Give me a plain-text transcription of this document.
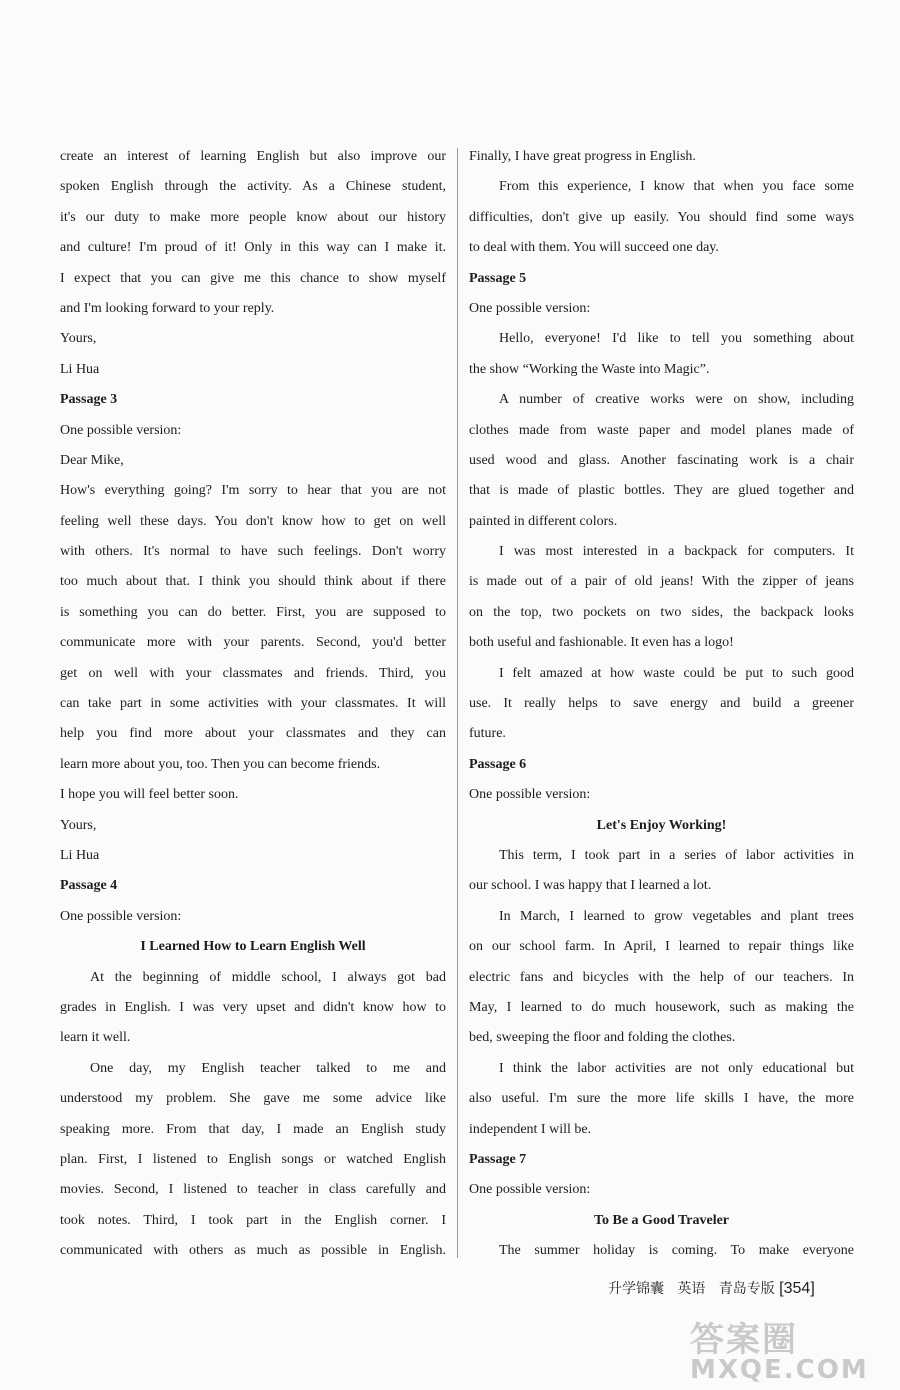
create an interest of learning English but also improve our
spoken English through the activity. As a Chinese student,
it's our duty to make more people know about our history
and culture! I'm proud of it! Only in this way can I make it.
I expect that you can give me this chance to show myself
and I'm looking forward to your reply.
Yours,
Li Hua
Passage 3
One possible version:
Dear Mike,
How's everything going? I'm sorry to hear that you are not
feeling well these days. You don't know how to get on well
with others. It's normal to have such feelings. Don't worry
too much about that. I think you should think about if there
is something you can do better. First, you are supposed to
communicate more with your parents. Second, you'd better
get on well with your classmates and friends. Third, you
can take part in some activities with your classmates. It will
help you find more about your classmates and they can
learn more about you, too. Then you can become friends.
I hope you will feel better soon.
Yours,
Li Hua
Passage 4
One possible version:
I Learned How to Learn English Well
At the beginning of middle school, I always got bad
grades in English. I was very upset and didn't know how to
learn it well.
One day, my English teacher talked to me and
understood my problem. She gave me some advice like
speaking more. From that day, I made an English study
plan. First, I listened to English songs or watched English
movies. Second, I listened to teacher in class carefully and
took notes. Third, I took part in the English corner. I
communicated with others as much as possible in English.
Finally, I have great progress in English.
From this experience, I know that when you face some
difficulties, don't give up easily. You should find some ways
to deal with them. You will succeed one day.
Passage 5
One possible version:
Hello, everyone! I'd like to tell you something about
the show “Working the Waste into Magic”.
A number of creative works were on show, including
clothes made from waste paper and model planes made of
used wood and glass. Another fascinating work is a chair
that is made of plastic bottles. They are glued together and
painted in different colors.
I was most interested in a backpack for computers. It
is made out of a pair of old jeans! With the zipper of jeans
on the top, two pockets on two sides, the backpack looks
both useful and fashionable. It even has a logo!
I felt amazed at how waste could be put to such good
use. It really helps to save energy and build a greener
future.
Passage 6
One possible version:
Let's Enjoy Working!
This term, I took part in a series of labor activities in
our school. I was happy that I learned a lot.
In March, I learned to grow vegetables and plant trees
on our school farm. In April, I learned to repair things like
electric fans and bicycles with the help of our teachers. In
May, I learned to do much housework, such as making the
bed, sweeping the floor and folding the clothes.
I think the labor activities are not only educational but
also useful. I'm sure the more life skills I have, the more
independent I will be.
Passage 7
One possible version:
To Be a Good Traveler
The summer holiday is coming. To make everyone
升学锦囊 英语 青岛专版 [354]
答案圈
MXQE.COM
